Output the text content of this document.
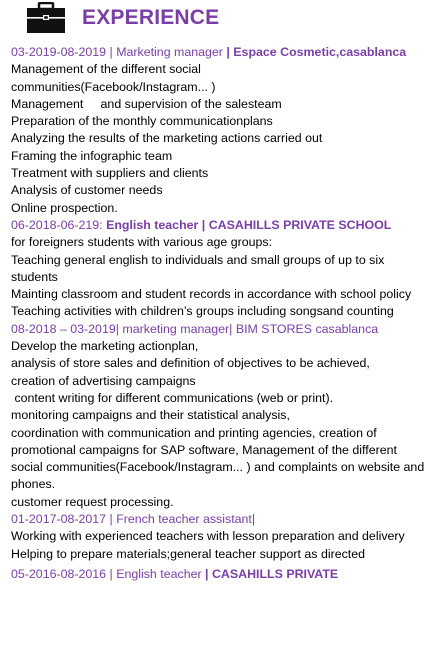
EXPERIENCE
03-2019-08-2019 | Marketing manager | Espace Cosmetic,casablanca
Management of the different social communities(Facebook/Instagram... )
Management     and supervision of the salesteam
Preparation of the monthly communicationplans
Analyzing the results of the marketing actions carried out
Framing the infographic team
Treatment with suppliers and clients
Analysis of customer needs
Online prospection.
06-2018-06-219: English teacher | CASAHILLS PRIVATE SCHOOL
for foreigners students with various age groups:
Teaching general english to individuals and small groups of up to six students
Mainting classroom and student records in accordance with school policy
Teaching activities with children’s groups including songsand counting
08-2018 – 03-2019| marketing manager| BIM STORES casablanca
Develop the marketing actionplan,
analysis of store sales and definition of objectives to be achieved, creation of advertising campaigns
content writing for different communications (web or print).
monitoring campaigns and their statistical analysis,
coordination with communication and printing agencies, creation of promotional campaigns for SAP software, Management of the different social communities(Facebook/Instagram... ) and complaints on website and phones.
customer request processing.
01-2017-08-2017 | French teacher assistant|
Working with experienced teachers with lesson preparation and delivery
Helping to prepare materials;general teacher support as directed
05-2016-08-2016 | English teacher | CASAHILLS PRIVATE
